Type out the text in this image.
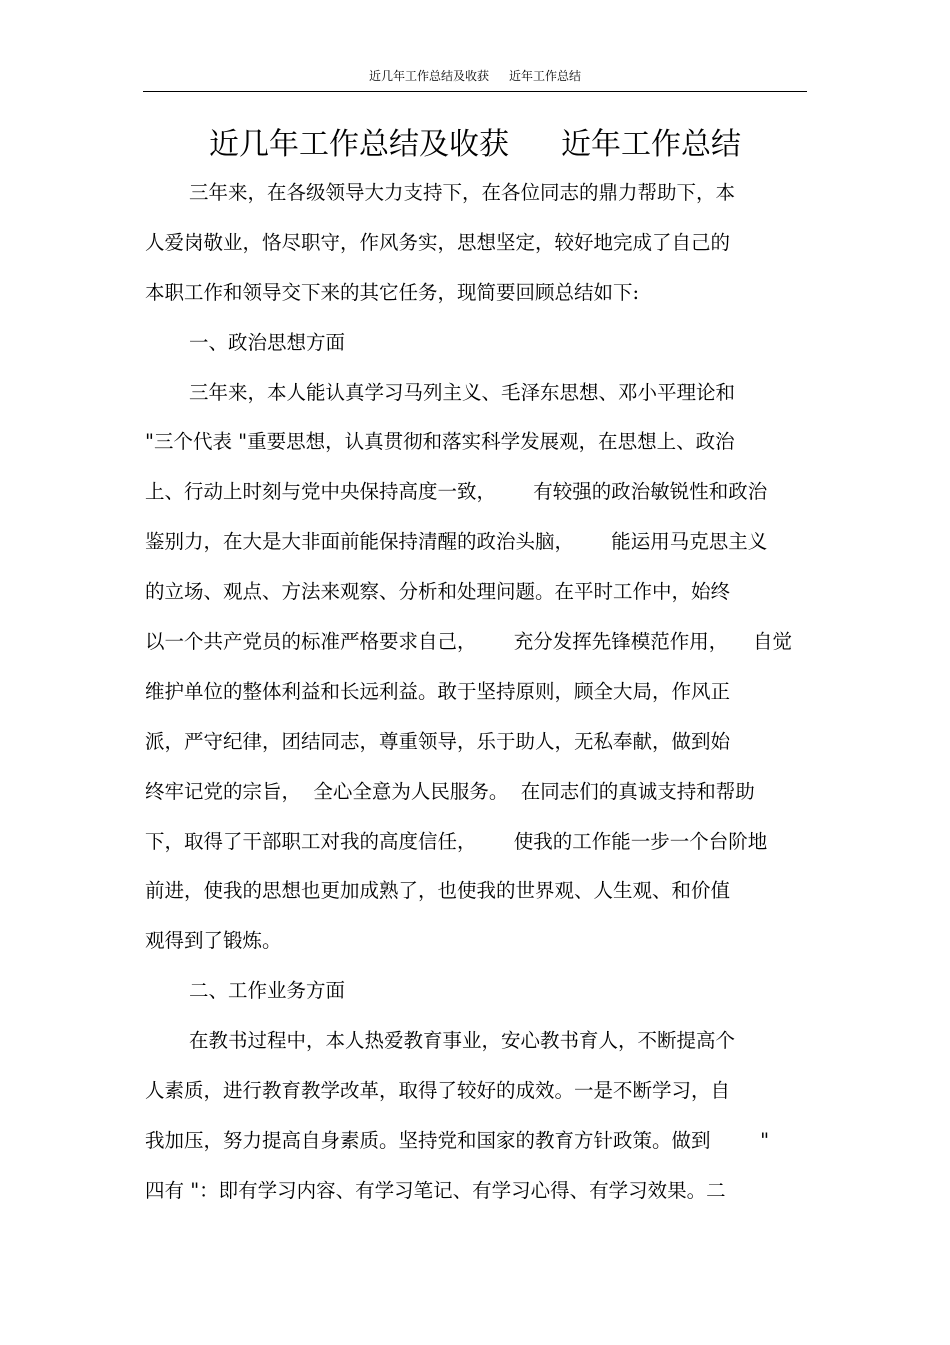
近几年工作总结及收获 近年工作总结
近几年工作总结及收获 近年工作总结
三年来，在各级领导大力支持下，在各位同志的鼎力帮助下，本
人爱岗敬业，恪尽职守，作风务实，思想坚定，较好地完成了自己的
本职工作和领导交下来的其它任务，现简要回顾总结如下:
一、政治思想方面
三年来，本人能认真学习马列主义、毛泽东思想、邓小平理论和
"三个代表 "重要思想，认真贯彻和落实科学发展观，在思想上、政治
上、行动上时刻与党中央保持高度一致，      有较强的政治敏锐性和政治
鉴别力，在大是大非面前能保持清醒的政治头脑，      能运用马克思主义
的立场、观点、方法来观察、分析和处理问题。在平时工作中，始终
以一个共产党员的标准严格要求自己，      充分发挥先锋模范作用，    自觉
维护单位的整体利益和长远利益。敢于坚持原则，顾全大局，作风正
派，严守纪律，团结同志，尊重领导，乐于助人，无私奉献，做到始
终牢记党的宗旨，  全心全意为人民服务。  在同志们的真诚支持和帮助
下，取得了干部职工对我的高度信任，      使我的工作能一步一个台阶地
前进，使我的思想也更加成熟了，也使我的世界观、人生观、和价值
观得到了锻炼。
二、工作业务方面
在教书过程中，本人热爱教育事业，安心教书育人，不断提高个
人素质，进行教育教学改革，取得了较好的成效。一是不断学习，自
我加压，努力提高自身素质。坚持党和国家的教育方针政策。做到        "
四有 "：即有学习内容、有学习笔记、有学习心得、有学习效果。二
